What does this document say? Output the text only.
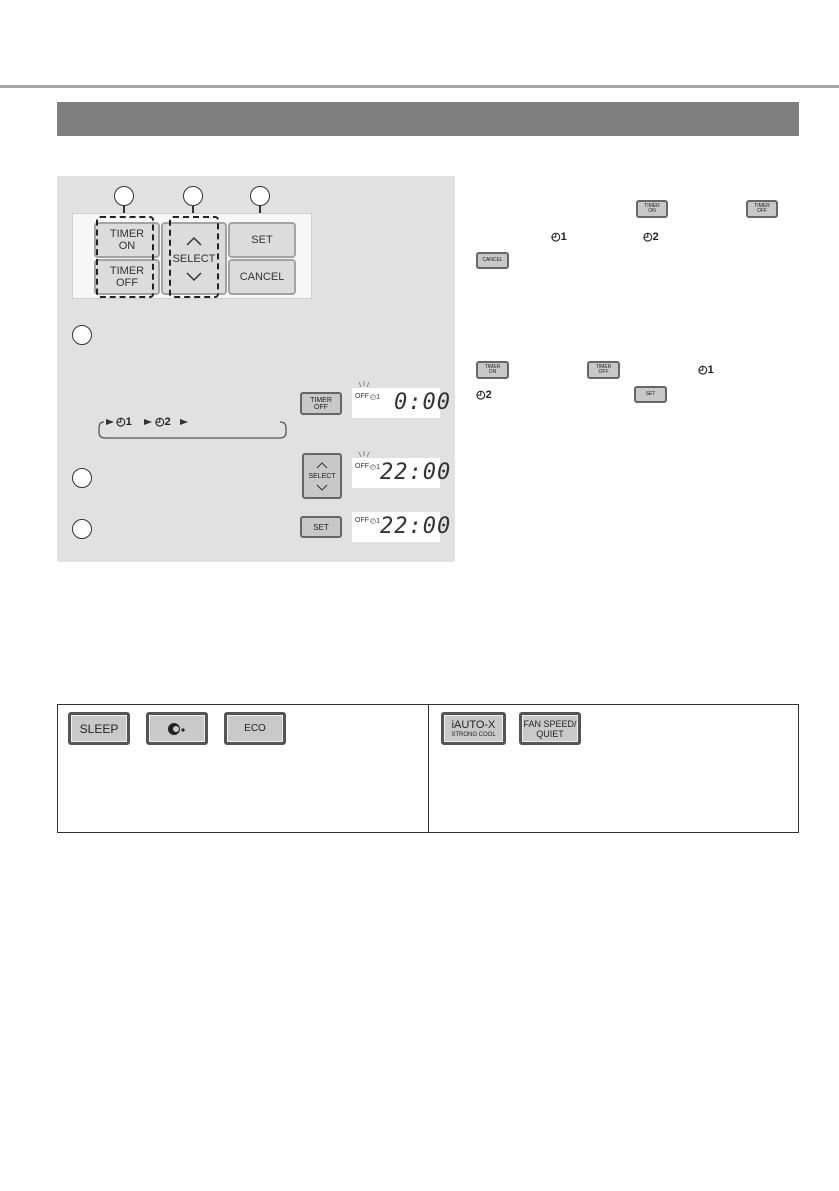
TIMER
ON
TIMER
OFF
SELECT
SET
CANCEL
◴1 ◴2
TIMER
OFF
OFF ◴1 0:00
SELECT
OFF ◴1 22:00
SET
OFF ◴1 22:00
TIMER
ON
TIMER
OFF
◴1	◴2
CANCEL
TIMER
ON
TIMER
OFF	◴1
◴2	SET
SLEEP	ECO	iAUTO-X
STRONG COOL
FAN SPEED/
QUIET
